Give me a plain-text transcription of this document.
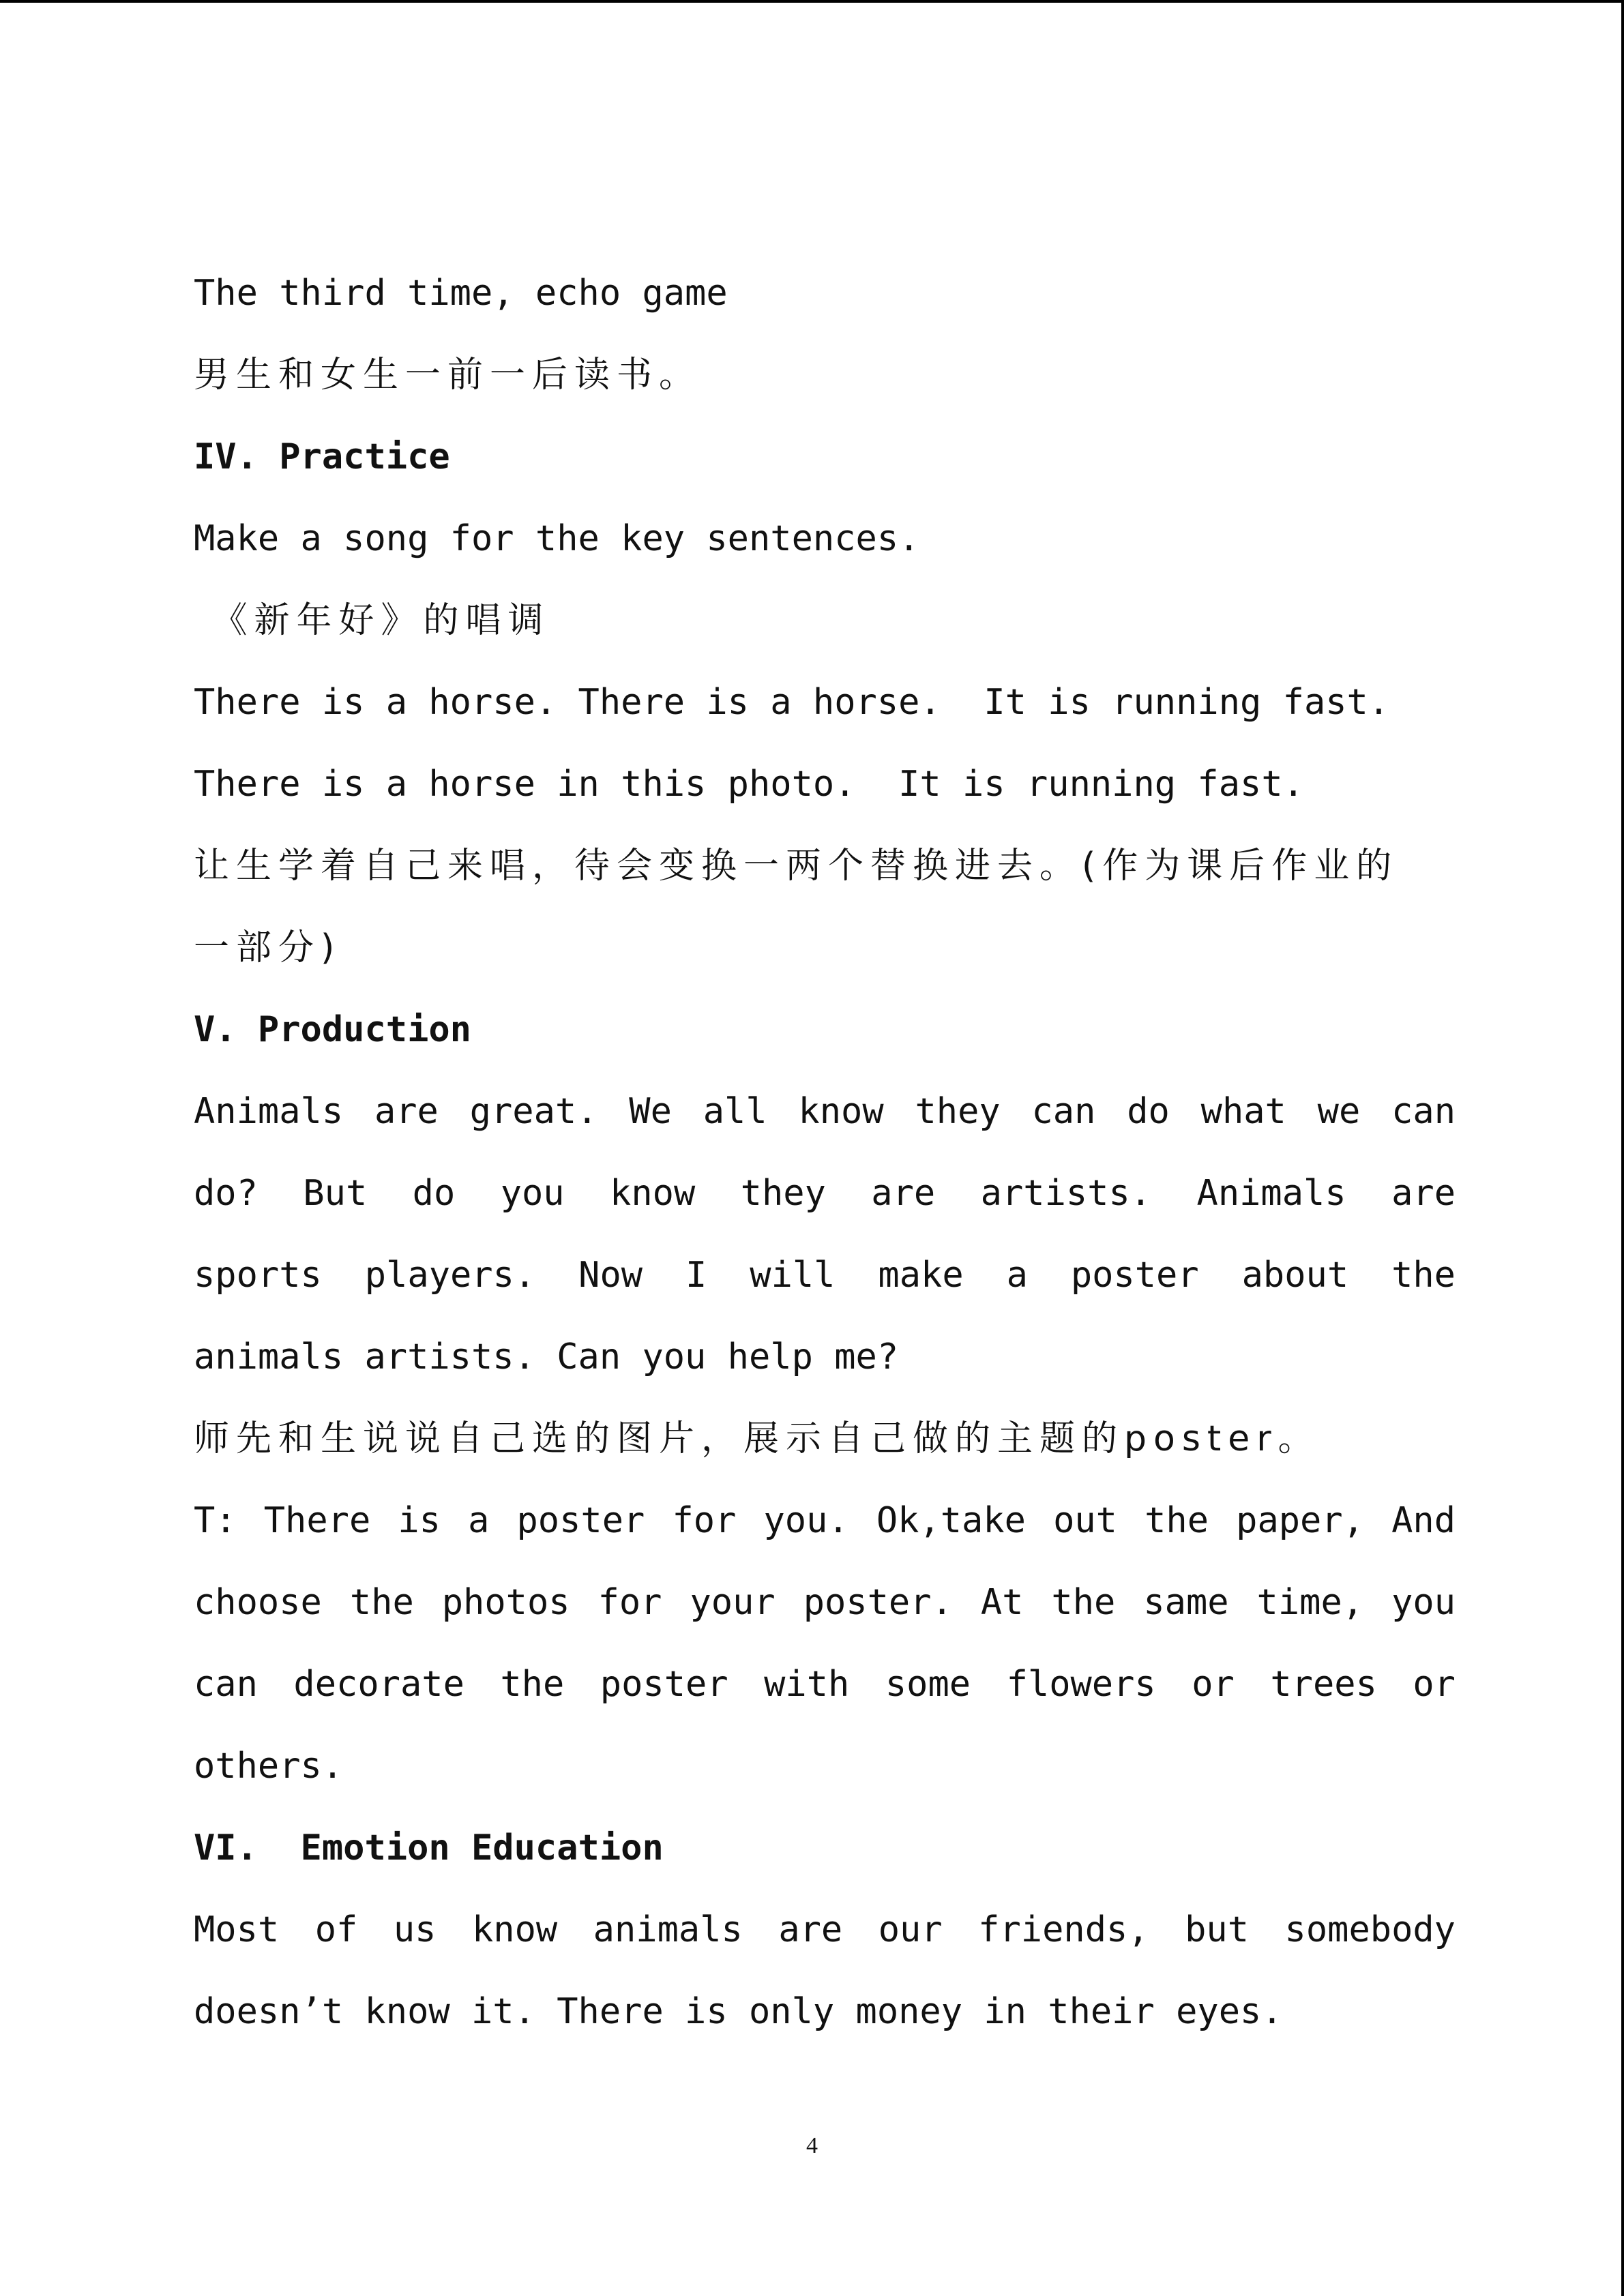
The third time, echo game
男生和女生一前一后读书。
IV. Practice
Make a song for the key sentences.
《新年好》的唱调
There is a horse. There is a horse.  It is running fast.
There is a horse in this photo.  It is running fast.
让生学着自己来唱，待会变换一两个替换进去。(作为课后作业的
一部分)
V. Production
Animals are great. We all know they can do what we can
do? But do you know they are artists. Animals are
sports players. Now I will make a poster about the
animals artists. Can you help me?
师先和生说说自己选的图片，展示自己做的主题的poster。
T: There is a poster for you. Ok,take out the paper, And
choose the photos for your poster. At the same time, you
can decorate the poster with some flowers or trees or
others.
VI.  Emotion Education
Most of us know animals are our friends, but somebody
doesn’t know it. There is only money in their eyes.
4
